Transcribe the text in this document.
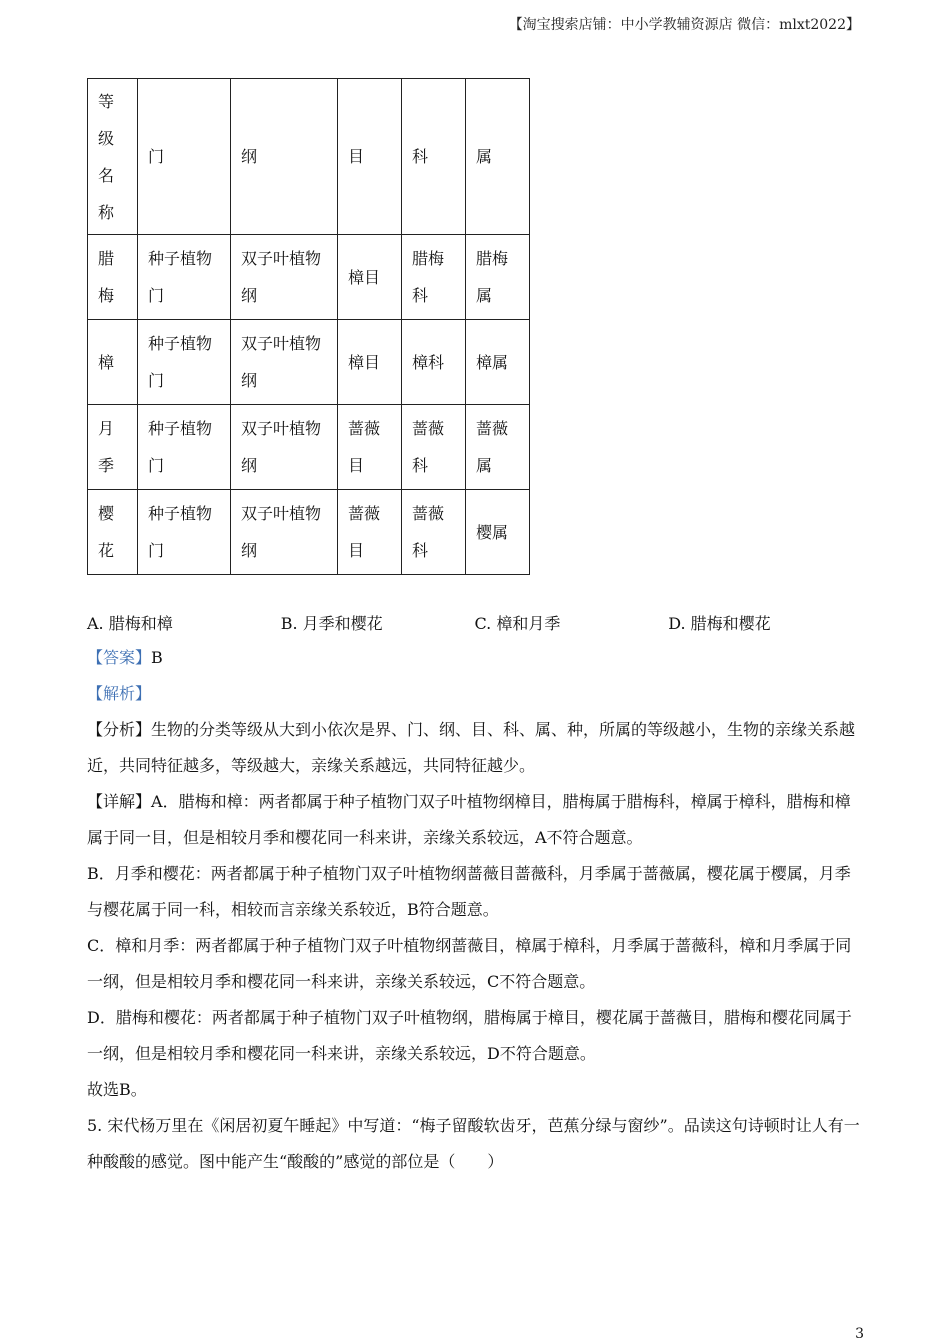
【淘宝搜索店铺：中小学教辅资源店 微信：mlxt2022】
等级名称	门	纲	目	科	属
腊梅	种子植物门	双子叶植物纲	樟目	腊梅科	腊梅属
樟	种子植物门	双子叶植物纲	樟目	樟科	樟属
月季	种子植物门	双子叶植物纲	蔷薇目	蔷薇科	蔷薇属
樱花	种子植物门	双子叶植物纲	蔷薇目	蔷薇科	樱属
A. 腊梅和樟	B. 月季和樱花	C. 樟和月季	D. 腊梅和樱花

【答案】B

【解析】

【分析】生物的分类等级从大到小依次是界、门、纲、目、科、属、种，所属的等级越小，生物的亲缘关系越近，共同特征越多，等级越大，亲缘关系越远，共同特征越少。

【详解】A．腊梅和樟：两者都属于种子植物门双子叶植物纲樟目，腊梅属于腊梅科，樟属于樟科，腊梅和樟属于同一目，但是相较月季和樱花同一科来讲，亲缘关系较远，A不符合题意。

B．月季和樱花：两者都属于种子植物门双子叶植物纲蔷薇目蔷薇科，月季属于蔷薇属，樱花属于樱属，月季与樱花属于同一科，相较而言亲缘关系较近，B符合题意。

C．樟和月季：两者都属于种子植物门双子叶植物纲蔷薇目，樟属于樟科，月季属于蔷薇科，樟和月季属于同一纲，但是相较月季和樱花同一科来讲，亲缘关系较远，C不符合题意。

D．腊梅和樱花：两者都属于种子植物门双子叶植物纲，腊梅属于樟目，樱花属于蔷薇目，腊梅和樱花同属于一纲，但是相较月季和樱花同一科来讲，亲缘关系较远，D不符合题意。

故选B。

5. 宋代杨万里在《闲居初夏午睡起》中写道：“梅子留酸软齿牙，芭蕉分绿与窗纱”。品读这句诗顿时让人有一种酸酸的感觉。图中能产生“酸酸的”感觉的部位是（　　）

3
